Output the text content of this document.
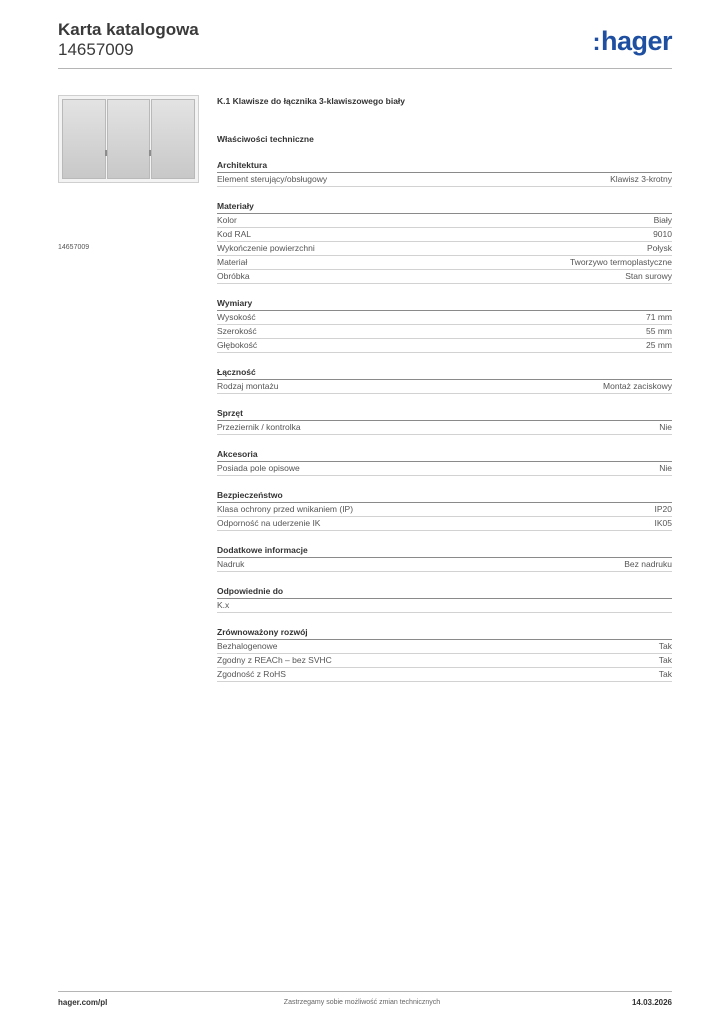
Karta katalogowa
14657009	:hager
14657009
K.1 Klawisze do łącznika 3-klawiszowego biały
Właściwości techniczne
Architektura
Element sterujący/obsługowy	Klawisz 3-krotny
Materiały
Kolor	Biały
Kod RAL	9010
Wykończenie powierzchni	Połysk
Materiał	Tworzywo termoplastyczne
Obróbka	Stan surowy
Wymiary
Wysokość	71 mm
Szerokość	55 mm
Głębokość	25 mm
Łączność
Rodzaj montażu	Montaż zaciskowy
Sprzęt
Przeziernik / kontrolka	Nie
Akcesoria
Posiada pole opisowe	Nie
Bezpieczeństwo
Klasa ochrony przed wnikaniem (IP)	IP20
Odporność na uderzenie IK	IK05
Dodatkowe informacje
Nadruk	Bez nadruku
Odpowiednie do
K.x
Zrównoważony rozwój
Bezhalogenowe	Tak
Zgodny z REACh – bez SVHC	Tak
Zgodność z RoHS	Tak
hager.com/pl	Zastrzegamy sobie możliwość zmian technicznych	14.03.2026
